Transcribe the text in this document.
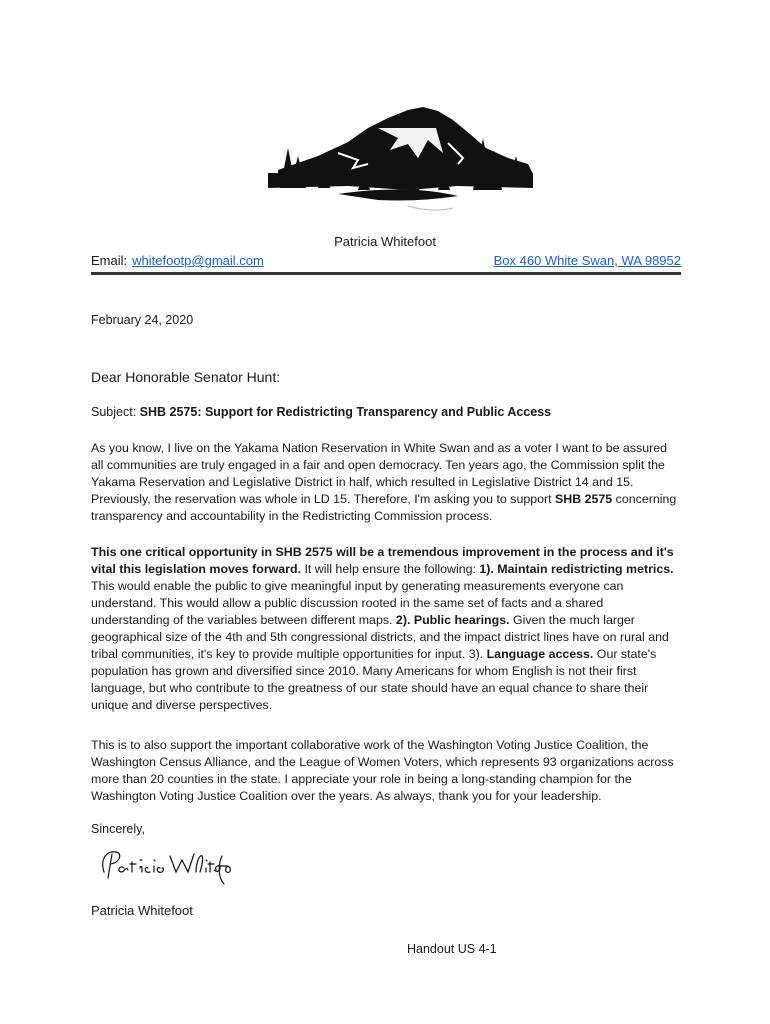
Patricia Whitefoot
Email: whitefootp@gmail.com	Box 460 White Swan, WA 98952
February 24, 2020
Dear Honorable Senator Hunt:
Subject: SHB 2575: Support for Redistricting Transparency and Public Access
As you know, I live on the Yakama Nation Reservation in White Swan and as a voter I want to be assured all communities are truly engaged in a fair and open democracy. Ten years ago, the Commission split the Yakama Reservation and Legislative District in half, which resulted in Legislative District 14 and 15. Previously, the reservation was whole in LD 15. Therefore, I'm asking you to support SHB 2575 concerning transparency and accountability in the Redistricting Commission process.
This one critical opportunity in SHB 2575 will be a tremendous improvement in the process and it's vital this legislation moves forward. It will help ensure the following: 1). Maintain redistricting metrics. This would enable the public to give meaningful input by generating measurements everyone can understand. This would allow a public discussion rooted in the same set of facts and a shared understanding of the variables between different maps. 2). Public hearings. Given the much larger geographical size of the 4th and 5th congressional districts, and the impact district lines have on rural and tribal communities, it's key to provide multiple opportunities for input. 3). Language access. Our state's population has grown and diversified since 2010. Many Americans for whom English is not their first language, but who contribute to the greatness of our state should have an equal chance to share their unique and diverse perspectives.
This is to also support the important collaborative work of the Washington Voting Justice Coalition, the Washington Census Alliance, and the League of Women Voters, which represents 93 organizations across more than 20 counties in the state. I appreciate your role in being a long-standing champion for the Washington Voting Justice Coalition over the years. As always, thank you for your leadership.
Sincerely,
Patricia Whitefoot
Handout US 4-1
